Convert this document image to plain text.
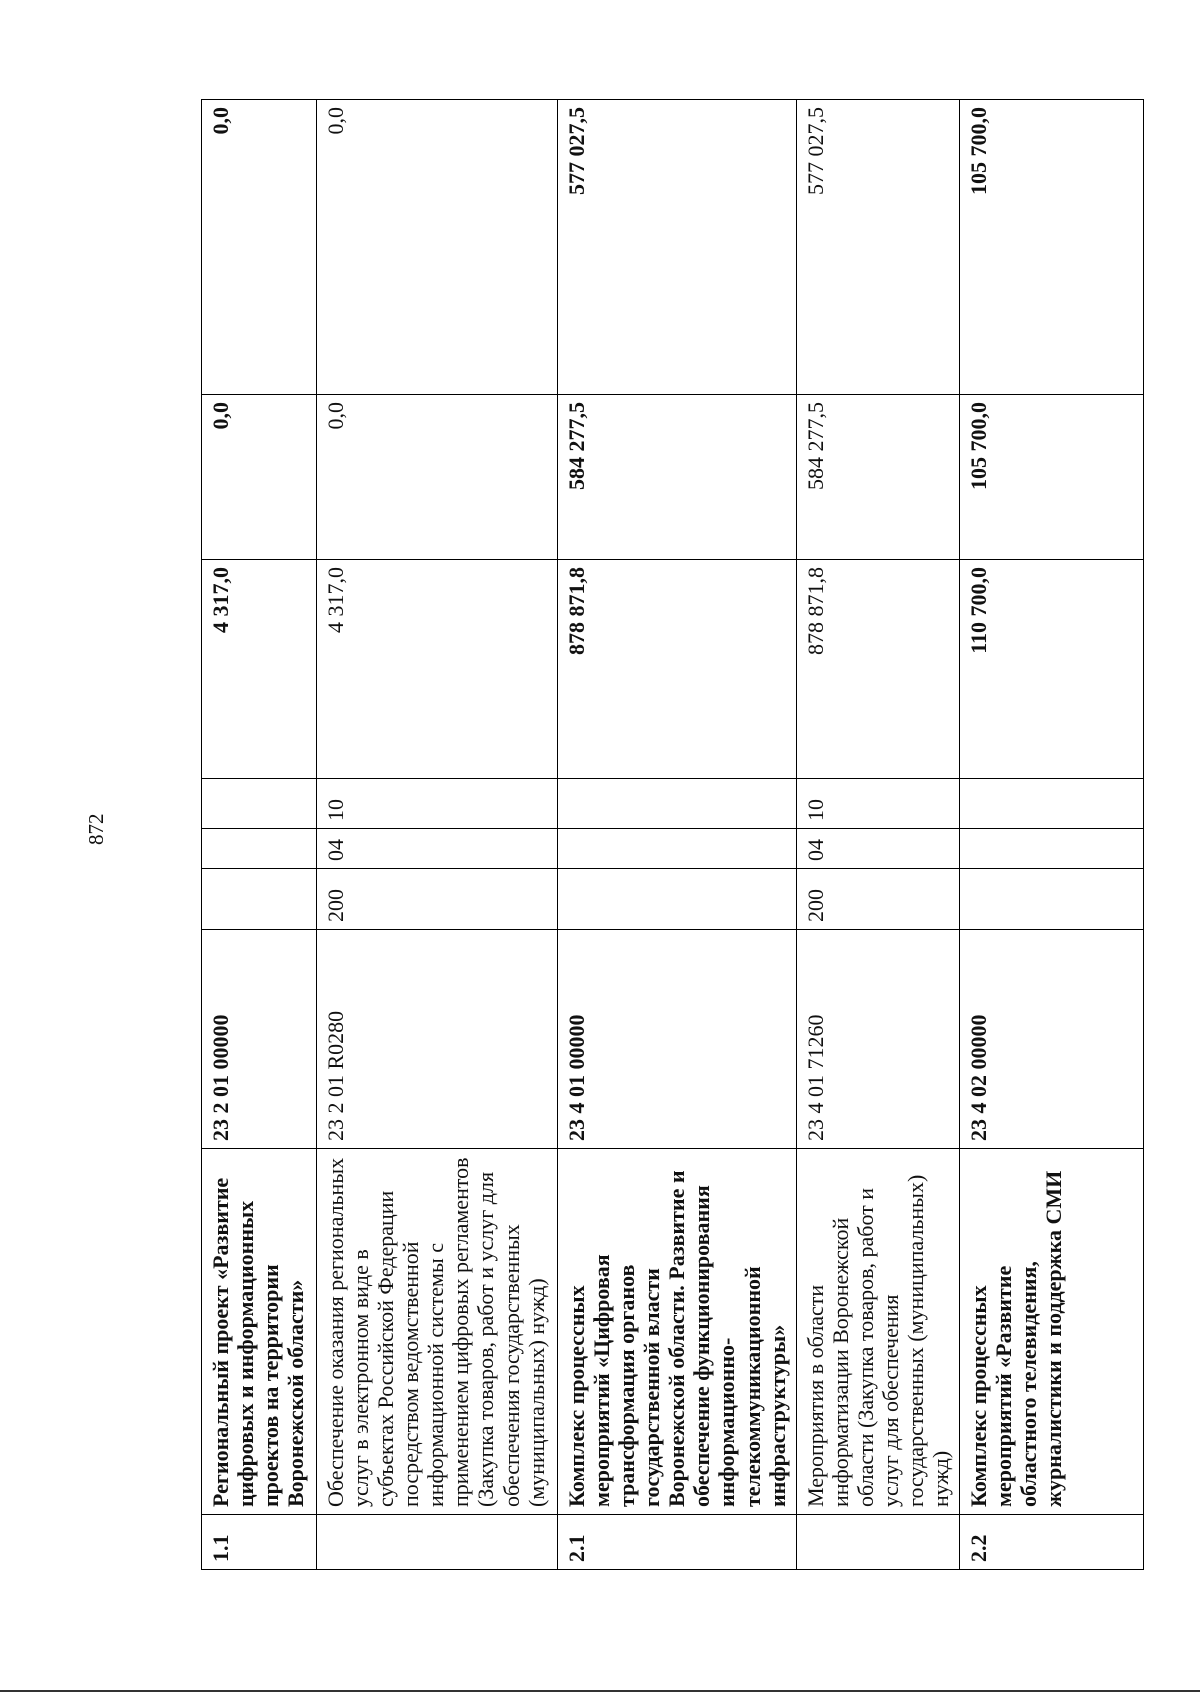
872
1.1	Региональный проект «Развитие цифровых и информационных проектов на территории Воронежской области»	23 2 01 00000				4 317,0	0,0	0,0
	Обеспечение оказания региональных услуг в электронном виде в субъектах Российской Федерации посредством ведомственной информационной системы с применением цифровых регламентов (Закупка товаров, работ и услуг для обеспечения государственных (муниципальных) нужд)	23 2 01 R0280	200	04	10	4 317,0	0,0	0,0
2.1	Комплекс процессных мероприятий «Цифровая трансформация органов государственной власти Воронежской области. Развитие и обеспечение функционирования информационно-телекоммуникационной инфраструктуры»	23 4 01 00000				878 871,8	584 277,5	577 027,5
	Мероприятия в области информатизации Воронежской области (Закупка товаров, работ и услуг для обеспечения государственных (муниципальных) нужд)	23 4 01 71260	200	04	10	878 871,8	584 277,5	577 027,5
2.2	Комплекс процессных мероприятий «Развитие областного телевидения, журналистики и поддержка СМИ	23 4 02 00000				110 700,0	105 700,0	105 700,0
